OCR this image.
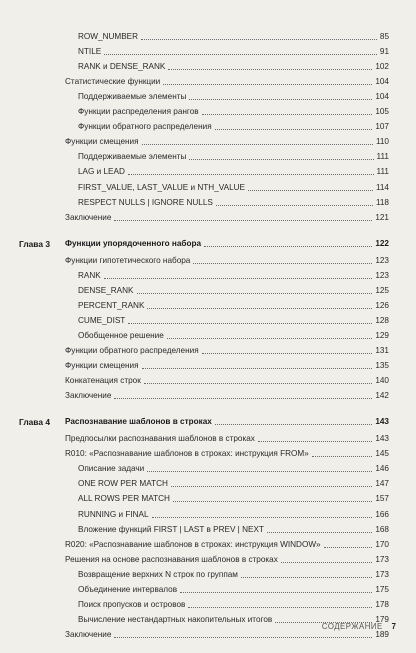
ROW_NUMBER	85
NTILE	91
RANK и DENSE_RANK	102
Статистические функции	104
Поддерживаемые элементы	104
Функции распределения рангов	105
Функции обратного распределения	107
Функции смещения	110
Поддерживаемые элементы	111
LAG и LEAD	111
FIRST_VALUE, LAST_VALUE и NTH_VALUE	114
RESPECT NULLS | IGNORE NULLS	118
Заключение	121
Глава 3 Функции упорядоченного набора	122
Функции гипотетического набора	123
RANK	123
DENSE_RANK	125
PERCENT_RANK	126
CUME_DIST	128
Обобщенное решение	129
Функции обратного распределения	131
Функции смещения	135
Конкатенация строк	140
Заключение	142
Глава 4 Распознавание шаблонов в строках	143
Предпосылки распознавания шаблонов в строках	143
R010: «Распознавание шаблонов в строках: инструкция FROM»	145
Описание задачи	146
ONE ROW PER MATCH	147
ALL ROWS PER MATCH	157
RUNNING и FINAL	166
Вложение функций FIRST | LAST в PREV | NEXT	168
R020: «Распознавание шаблонов в строках: инструкция WINDOW»	170
Решения на основе распознавания шаблонов в строках	173
Возвращение верхних N строк по группам	173
Объединение интервалов	175
Поиск пропусков и островов	178
Вычисление нестандартных накопительных итогов	179
Заключение	189
СОДЕРЖАНИЕ 7
